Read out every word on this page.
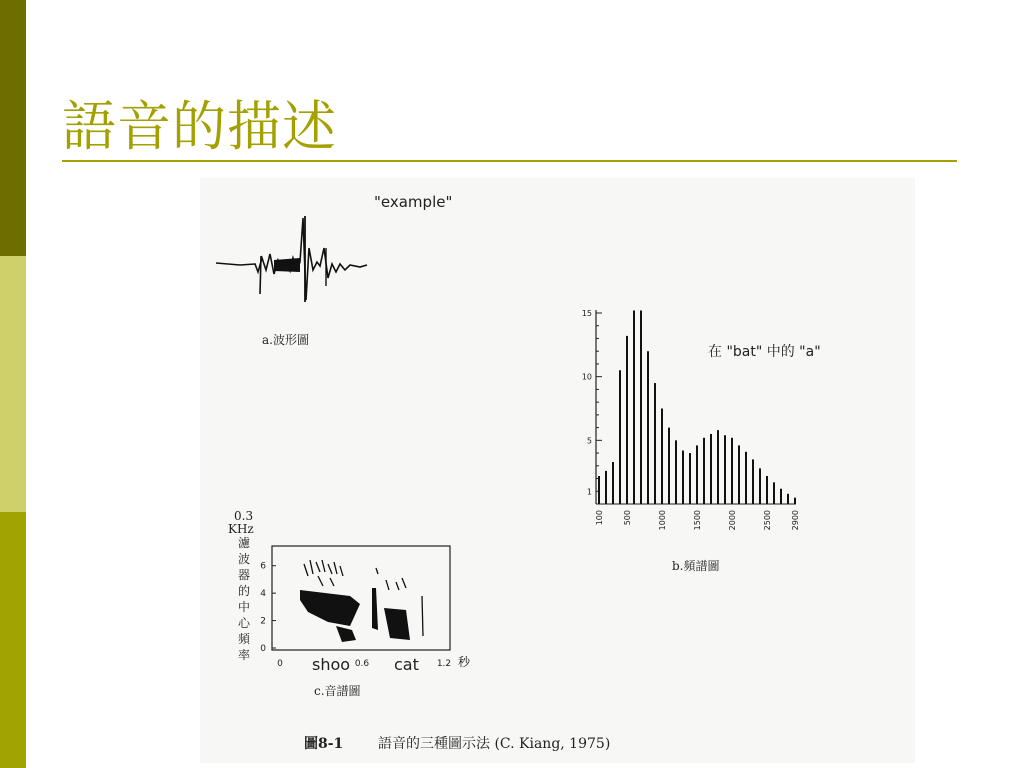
語音的描述
"example"
a.波形圖
1
5
10
15
100 500	1000	1500	2000	2500 2900
在 "bat" 中的 "a"
b.頻譜圖
0.3
KHz
濾
波
器
的
中
心
頻
率 0
2
4
6
0	0.6	1.2
shoo	cat	秒
c.音譜圖
圖8-1 語音的三種圖示法 (C. Kiang, 1975)
